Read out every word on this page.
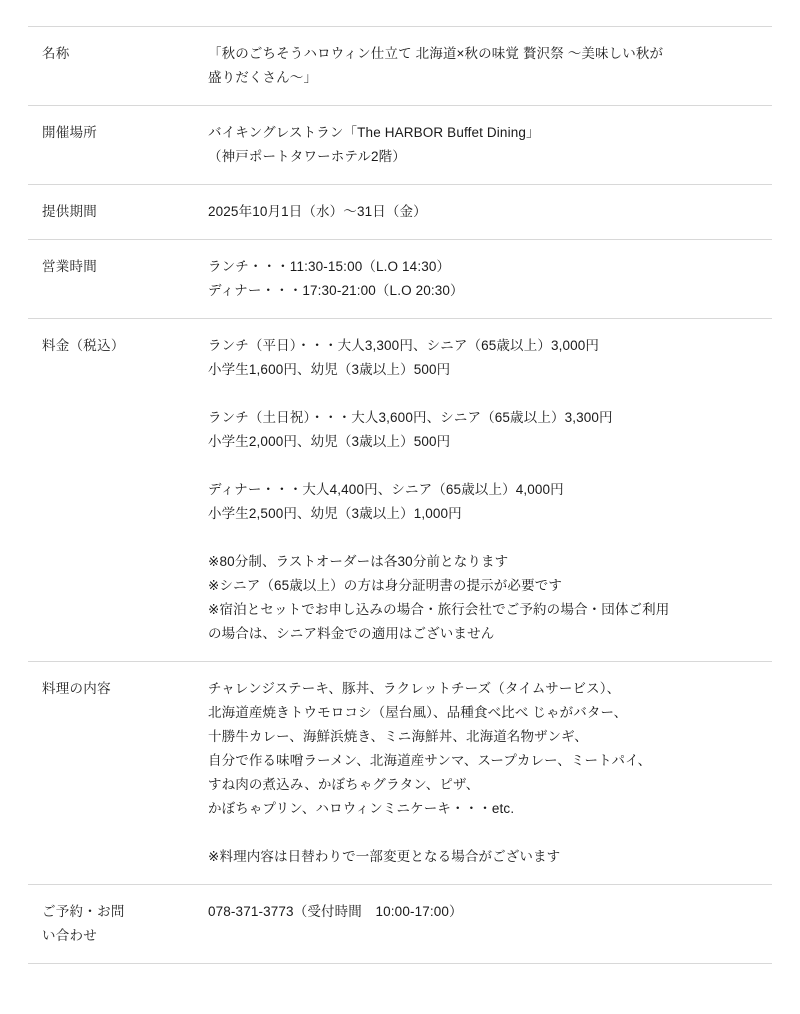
名称	「秋のごちそうハロウィン仕立て 北海道×秋の味覚 贅沢祭 〜美味しい秋が
盛りだくさん〜」

開催場所	バイキングレストラン「The HARBOR Buffet Dining」
（神戸ポートタワーホテル2階）

提供期間	2025年10月1日（水）〜31日（金）

営業時間	ランチ・・・11:30-15:00（L.O 14:30）
ディナー・・・17:30-21:00（L.O 20:30）

料金（税込）	ランチ（平日）・・・大人3,300円、シニア（65歳以上）3,000円
小学生1,600円、幼児（3歳以上）500円
ランチ（土日祝）・・・大人3,600円、シニア（65歳以上）3,300円
小学生2,000円、幼児（3歳以上）500円
ディナー・・・大人4,400円、シニア（65歳以上）4,000円
小学生2,500円、幼児（3歳以上）1,000円
※80分制、ラストオーダーは各30分前となります
※シニア（65歳以上）の方は身分証明書の提示が必要です
※宿泊とセットでお申し込みの場合・旅行会社でご予約の場合・団体ご利用
の場合は、シニア料金での適用はございません

料理の内容	チャレンジステーキ、豚丼、ラクレットチーズ（タイムサービス）、
北海道産焼きトウモロコシ（屋台風）、品種食べ比べ じゃがバター、
十勝牛カレー、海鮮浜焼き、ミニ海鮮丼、北海道名物ザンギ、
自分で作る味噌ラーメン、北海道産サンマ、スープカレー、ミートパイ、
すね肉の煮込み、かぼちゃグラタン、ピザ、
かぼちゃプリン、ハロウィンミニケーキ・・・etc.
※料理内容は日替わりで一部変更となる場合がございます

ご予約・お問
い合わせ	078-371-3773（受付時間　10:00-17:00）
